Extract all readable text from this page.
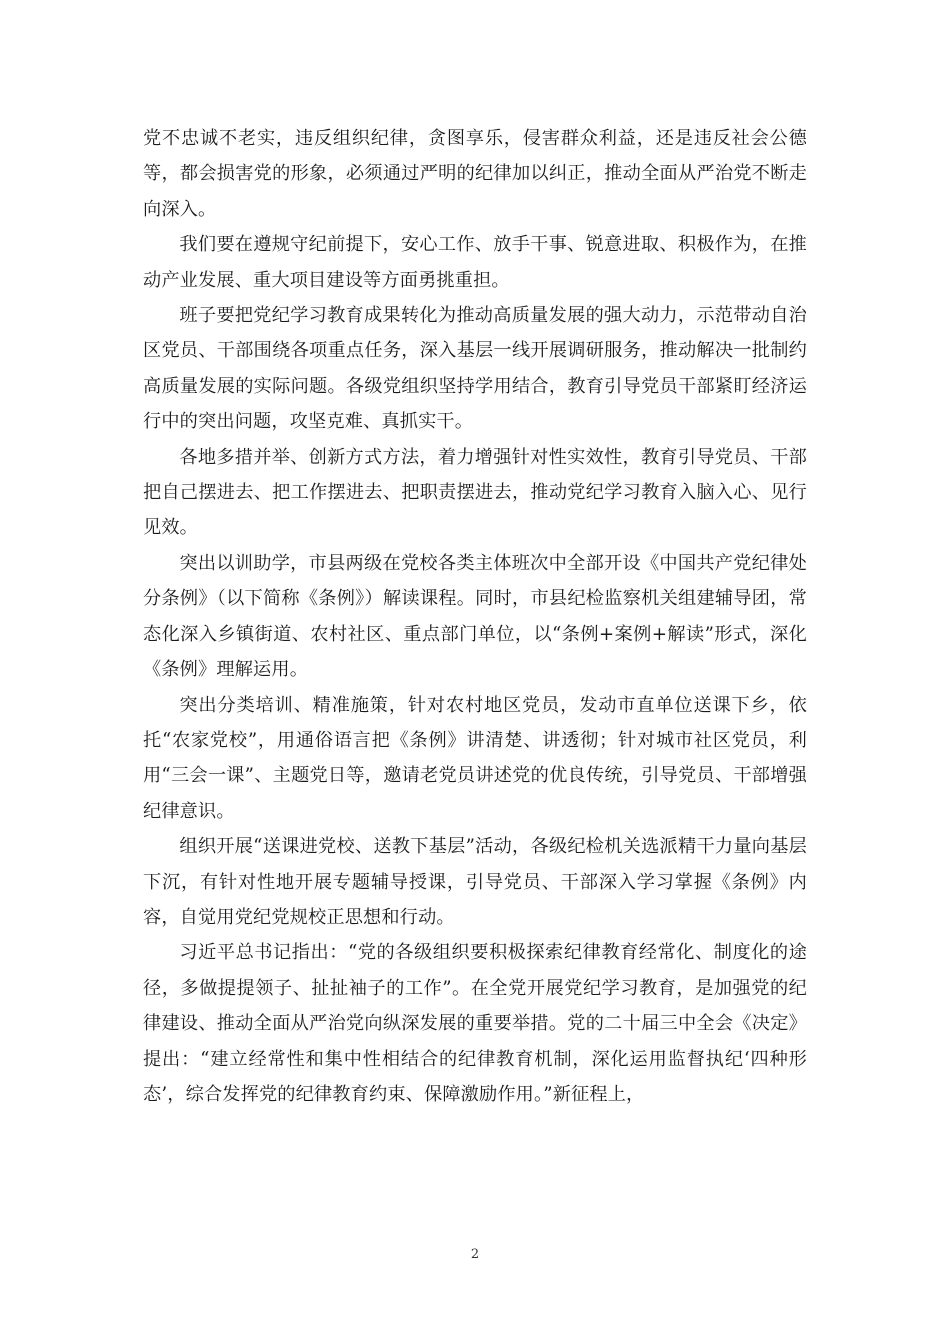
党不忠诚不老实，违反组织纪律，贪图享乐，侵害群众利益，还是违反社会公德等，都会损害党的形象，必须通过严明的纪律加以纠正，推动全面从严治党不断走向深入。

我们要在遵规守纪前提下，安心工作、放手干事、锐意进取、积极作为，在推动产业发展、重大项目建设等方面勇挑重担。

班子要把党纪学习教育成果转化为推动高质量发展的强大动力，示范带动自治区党员、干部围绕各项重点任务，深入基层一线开展调研服务，推动解决一批制约高质量发展的实际问题。各级党组织坚持学用结合，教育引导党员干部紧盯经济运行中的突出问题，攻坚克难、真抓实干。

各地多措并举、创新方式方法，着力增强针对性实效性，教育引导党员、干部把自己摆进去、把工作摆进去、把职责摆进去，推动党纪学习教育入脑入心、见行见效。

突出以训助学，市县两级在党校各类主体班次中全部开设《中国共产党纪律处分条例》（以下简称《条例》）解读课程。同时，市县纪检监察机关组建辅导团，常态化深入乡镇街道、农村社区、重点部门单位，以“条例+案例+解读”形式，深化《条例》理解运用。

突出分类培训、精准施策，针对农村地区党员，发动市直单位送课下乡，依托“农家党校”，用通俗语言把《条例》讲清楚、讲透彻；针对城市社区党员，利用“三会一课”、主题党日等，邀请老党员讲述党的优良传统，引导党员、干部增强纪律意识。

组织开展“送课进党校、送教下基层”活动，各级纪检机关选派精干力量向基层下沉，有针对性地开展专题辅导授课，引导党员、干部深入学习掌握《条例》内容，自觉用党纪党规校正思想和行动。

习近平总书记指出：“党的各级组织要积极探索纪律教育经常化、制度化的途径，多做提提领子、扯扯袖子的工作”。在全党开展党纪学习教育，是加强党的纪律建设、推动全面从严治党向纵深发展的重要举措。党的二十届三中全会《决定》提出：“建立经常性和集中性相结合的纪律教育机制，深化运用监督执纪‘四种形态’，综合发挥党的纪律教育约束、保障激励作用。”新征程上，

2
